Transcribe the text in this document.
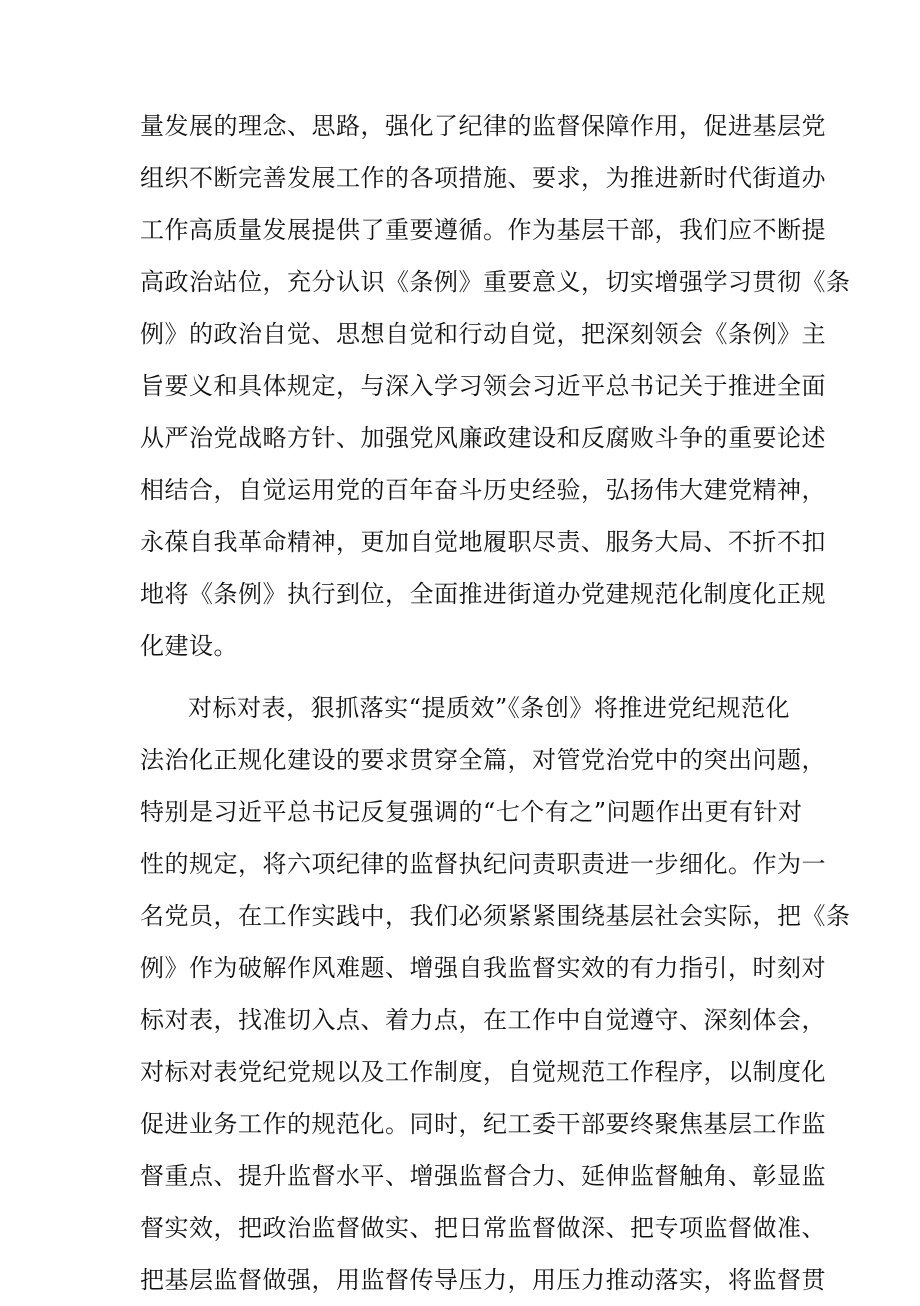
量发展的理念、思路，强化了纪律的监督保障作用，促进基层党
组织不断完善发展工作的各项措施、要求，为推进新时代街道办
工作高质量发展提供了重要遵循。作为基层干部，我们应不断提
高政治站位，充分认识《条例》重要意义，切实增强学习贯彻《条
例》的政治自觉、思想自觉和行动自觉，把深刻领会《条例》主
旨要义和具体规定，与深入学习领会习近平总书记关于推进全面
从严治党战略方针、加强党风廉政建设和反腐败斗争的重要论述
相结合，自觉运用党的百年奋斗历史经验，弘扬伟大建党精神，
永葆自我革命精神，更加自觉地履职尽责、服务大局、不折不扣
地将《条例》执行到位，全面推进街道办党建规范化制度化正规
化建设。
对标对表，狠抓落实“提质效”《条创》将推进党纪规范化
法治化正规化建设的要求贯穿全篇，对管党治党中的突出问题，
特别是习近平总书记反复强调的“七个有之”问题作出更有针对
性的规定，将六项纪律的监督执纪问责职责进一步细化。作为一
名党员，在工作实践中，我们必须紧紧围绕基层社会实际，把《条
例》作为破解作风难题、增强自我监督实效的有力指引，时刻对
标对表，找准切入点、着力点，在工作中自觉遵守、深刻体会，
对标对表党纪党规以及工作制度，自觉规范工作程序，以制度化
促进业务工作的规范化。同时，纪工委干部要终聚焦基层工作监
督重点、提升监督水平、增强监督合力、延伸监督触角、彰显监
督实效，把政治监督做实、把日常监督做深、把专项监督做准、
把基层监督做强，用监督传导压力，用压力推动落实，将监督贯
